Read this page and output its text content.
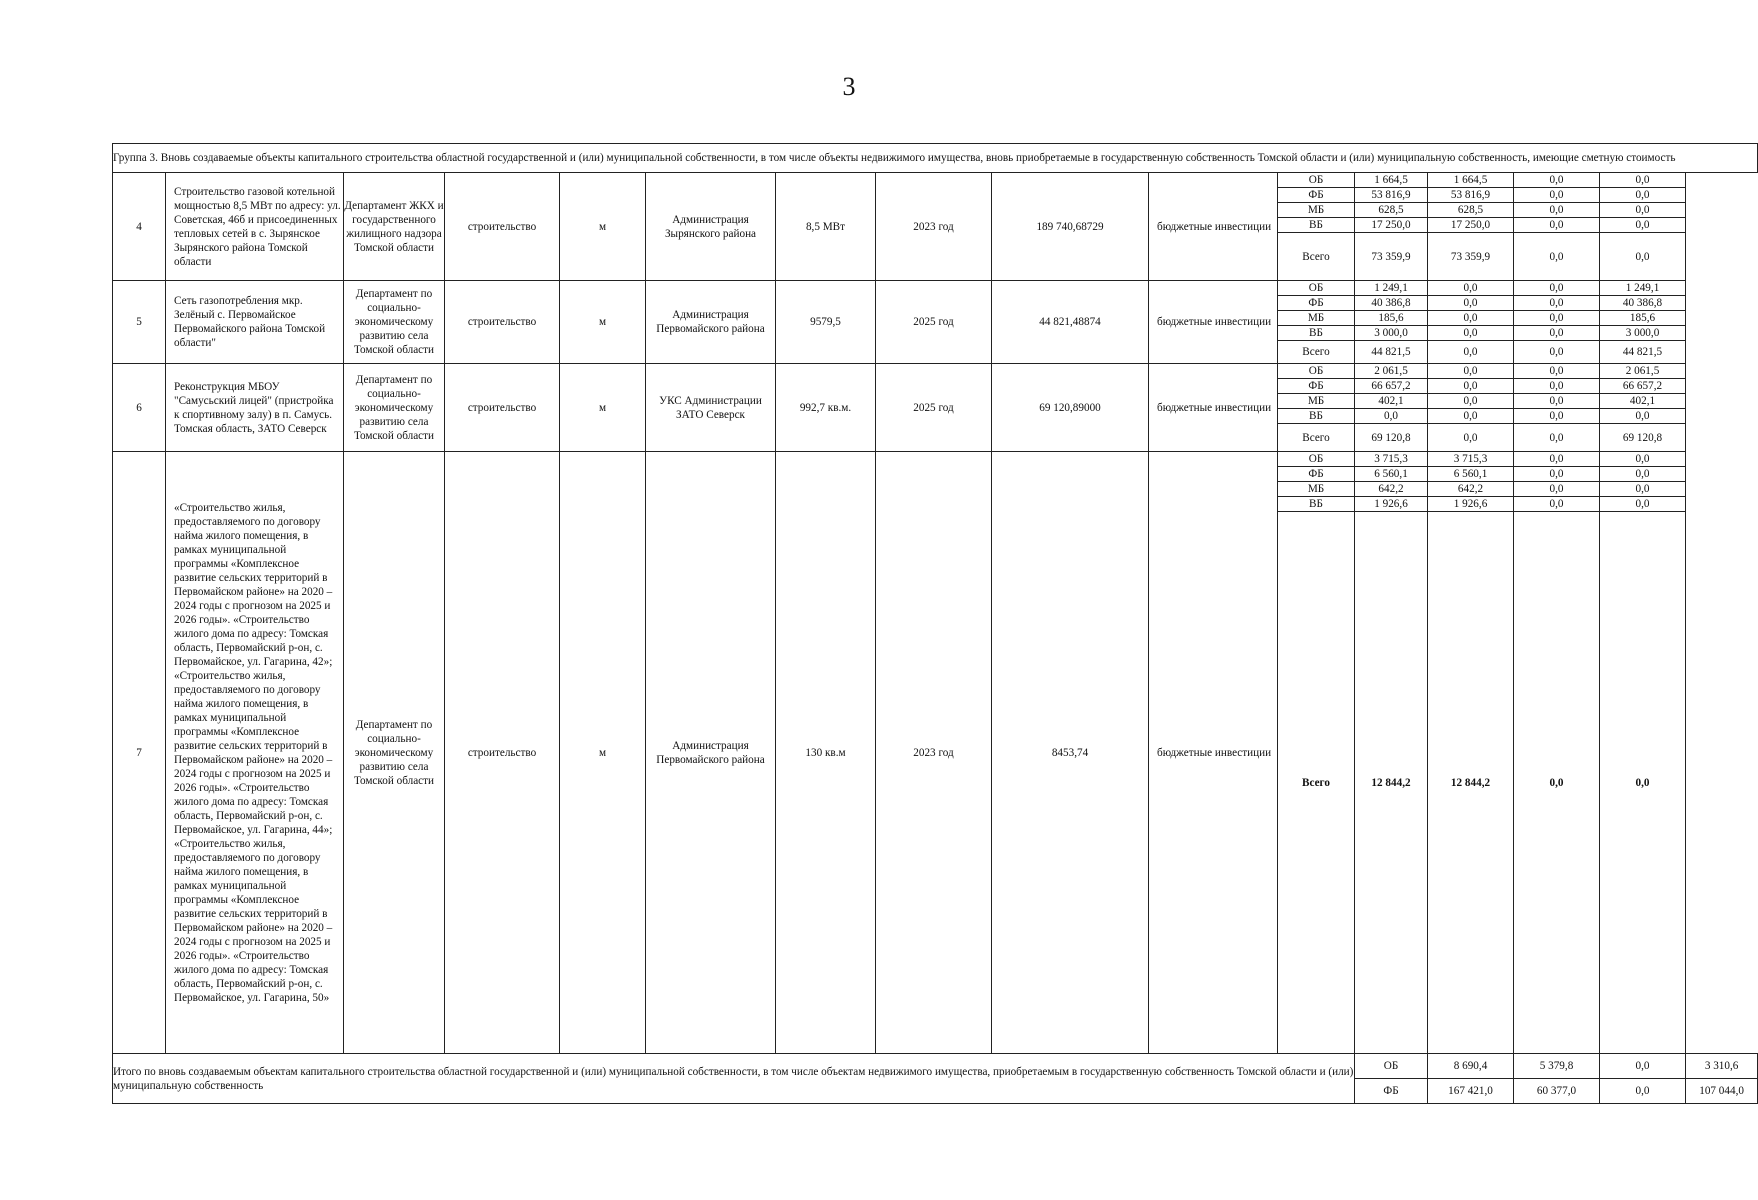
3
Группа 3. Вновь создаваемые объекты капитального строительства областной государственной и (или) муниципальной собственности, в том числе объекты недвижимого имущества, вновь приобретаемые в государственную собственность Томской области и (или) муниципальную собственность, имеющие сметную стоимость															
4	Строительство газовой котельной мощностью 8,5 МВт по адресу: ул. Советская, 46б и присоединенных тепловых сетей в с. Зырянское Зырянского района Томской области	Департамент ЖКХ и государственного жилищного надзора Томской области	строительство	м	Администрация Зырянского района	8,5 МВт	2023 год	189 740,68729	бюджетные инвестиции	ОБ	1 664,5	1 664,5	0,0	0,0	
										ФБ	53 816,9	53 816,9	0,0	0,0	
										МБ	628,5	628,5	0,0	0,0	
										ВБ	17 250,0	17 250,0	0,0	0,0	
										Всего	73 359,9	73 359,9	0,0	0,0	
5	Сеть газопотребления мкр. Зелёный с. Первомайское Первомайского района Томской области"	Департамент по социально-экономическому развитию села Томской области	строительство	м	Администрация Первомайского района	9579,5	2025 год	44 821,48874	бюджетные инвестиции	ОБ	1 249,1	0,0	0,0	1 249,1	
										ФБ	40 386,8	0,0	0,0	40 386,8	
										МБ	185,6	0,0	0,0	185,6	
										ВБ	3 000,0	0,0	0,0	3 000,0	
										Всего	44 821,5	0,0	0,0	44 821,5	
6	Реконструкция МБОУ "Самусьский лицей" (пристройка к спортивному залу) в п. Самусь. Томская область, ЗАТО Северск	Департамент по социально-экономическому развитию села Томской области	строительство	м	УКС Администрации ЗАТО Северск	992,7 кв.м.	2025 год	69 120,89000	бюджетные инвестиции	ОБ	2 061,5	0,0	0,0	2 061,5	
										ФБ	66 657,2	0,0	0,0	66 657,2	
										МБ	402,1	0,0	0,0	402,1	
										ВБ	0,0	0,0	0,0	0,0	
										Всего	69 120,8	0,0	0,0	69 120,8	
7	«Строительство жилья, предоставляемого по договору найма жилого помещения, в рамках муниципальной программы «Комплексное развитие сельских территорий в Первомайском районе» на 2020 – 2024 годы с прогнозом на 2025 и 2026 годы». «Строительство жилого дома по адресу: Томская область, Первомайский р-он, с. Первомайское, ул. Гагарина, 42»; «Строительство жилья, предоставляемого по договору найма жилого помещения, в рамках муниципальной программы «Комплексное развитие сельских территорий в Первомайском районе» на 2020 – 2024 годы с прогнозом на 2025 и 2026 годы». «Строительство жилого дома по адресу: Томская область, Первомайский р-он, с. Первомайское, ул. Гагарина, 44»; «Строительство жилья, предоставляемого по договору найма жилого помещения, в рамках муниципальной программы «Комплексное развитие сельских территорий в Первомайском районе» на 2020 – 2024 годы с прогнозом на 2025 и 2026 годы». «Строительство жилого дома по адресу: Томская область, Первомайский р-он, с. Первомайское, ул. Гагарина, 50»	Департамент по социально-экономическому развитию села Томской области	строительство	м	Администрация Первомайского района	130 кв.м	2023 год	8453,74	бюджетные инвестиции	ОБ	3 715,3	3 715,3	0,0	0,0	
										ФБ	6 560,1	6 560,1	0,0	0,0	
										МБ	642,2	642,2	0,0	0,0	
										ВБ	1 926,6	1 926,6	0,0	0,0	
										Всего	12 844,2	12 844,2	0,0	0,0	
Итого по вновь создаваемым объектам капитального строительства областной государственной и (или) муниципальной собственности, в том числе объектам недвижимого имущества, приобретаемым в государственную собственность Томской области и (или) муниципальную собственность											ОБ	8 690,4	5 379,8	0,0	3 310,6
											ФБ	167 421,0	60 377,0	0,0	107 044,0
